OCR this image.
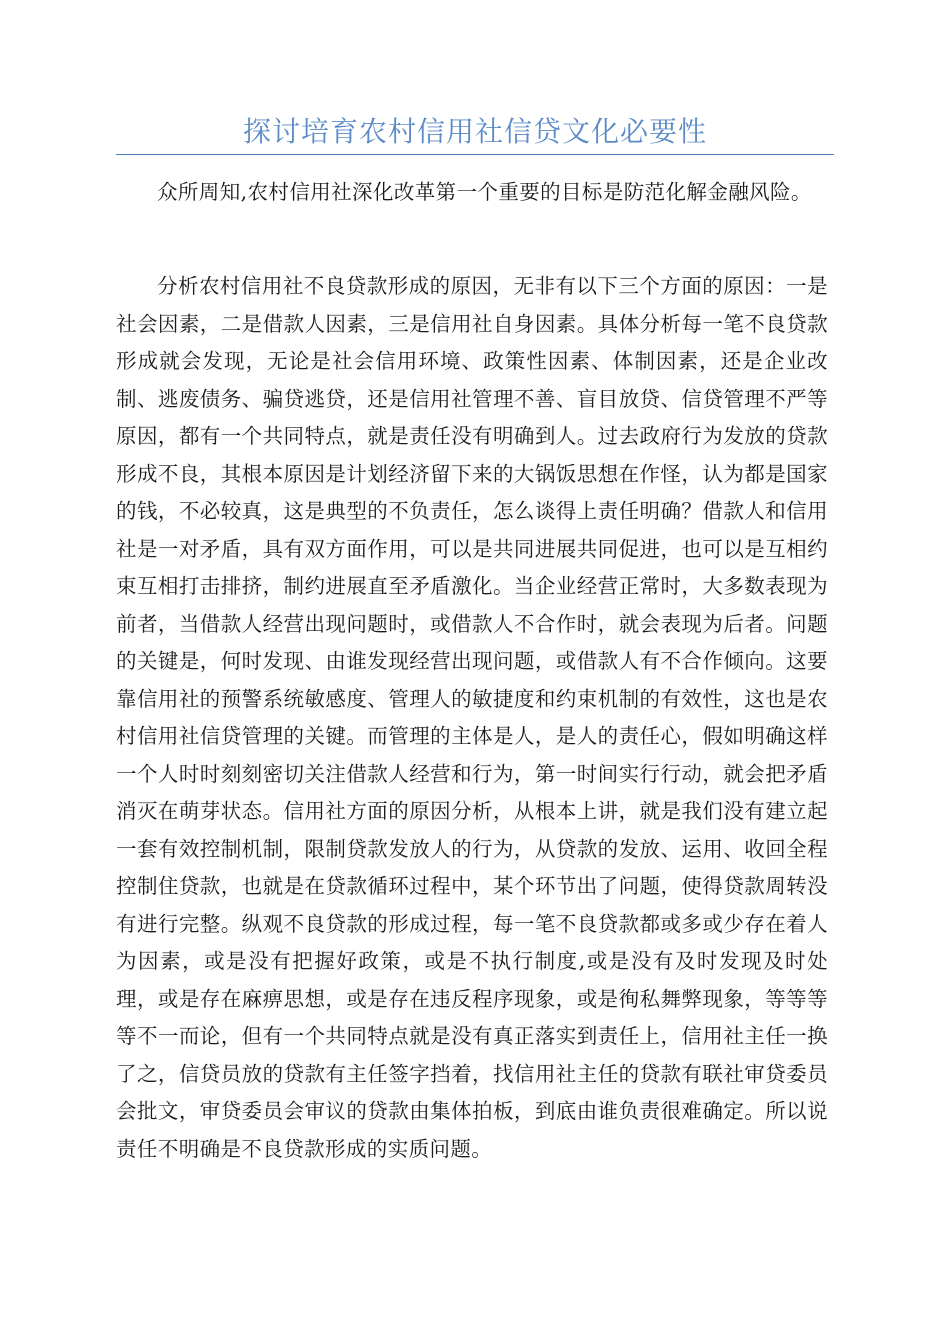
探讨培育农村信用社信贷文化必要性

众所周知,农村信用社深化改革第一个重要的目标是防范化解金融风险。

分析农村信用社不良贷款形成的原因，无非有以下三个方面的原因：一是社会因素，二是借款人因素，三是信用社自身因素。具体分析每一笔不良贷款形成就会发现，无论是社会信用环境、政策性因素、体制因素，还是企业改制、逃废债务、骗贷逃贷，还是信用社管理不善、盲目放贷、信贷管理不严等原因，都有一个共同特点，就是责任没有明确到人。过去政府行为发放的贷款形成不良，其根本原因是计划经济留下来的大锅饭思想在作怪，认为都是国家的钱，不必较真，这是典型的不负责任，怎么谈得上责任明确？借款人和信用社是一对矛盾，具有双方面作用，可以是共同进展共同促进，也可以是互相约束互相打击排挤，制约进展直至矛盾激化。当企业经营正常时，大多数表现为前者，当借款人经营出现问题时，或借款人不合作时，就会表现为后者。问题的关键是，何时发现、由谁发现经营出现问题，或借款人有不合作倾向。这要靠信用社的预警系统敏感度、管理人的敏捷度和约束机制的有效性，这也是农村信用社信贷管理的关键。而管理的主体是人，是人的责任心，假如明确这样一个人时时刻刻密切关注借款人经营和行为，第一时间实行行动，就会把矛盾消灭在萌芽状态。信用社方面的原因分析，从根本上讲，就是我们没有建立起一套有效控制机制，限制贷款发放人的行为，从贷款的发放、运用、收回全程控制住贷款，也就是在贷款循环过程中，某个环节出了问题，使得贷款周转没有进行完整。纵观不良贷款的形成过程，每一笔不良贷款都或多或少存在着人为因素，或是没有把握好政策，或是不执行制度,或是没有及时发现及时处理，或是存在麻痹思想，或是存在违反程序现象，或是徇私舞弊现象，等等等等不一而论，但有一个共同特点就是没有真正落实到责任上，信用社主任一换了之，信贷员放的贷款有主任签字挡着，找信用社主任的贷款有联社审贷委员会批文，审贷委员会审议的贷款由集体拍板，到底由谁负责很难确定。所以说责任不明确是不良贷款形成的实质问题。
